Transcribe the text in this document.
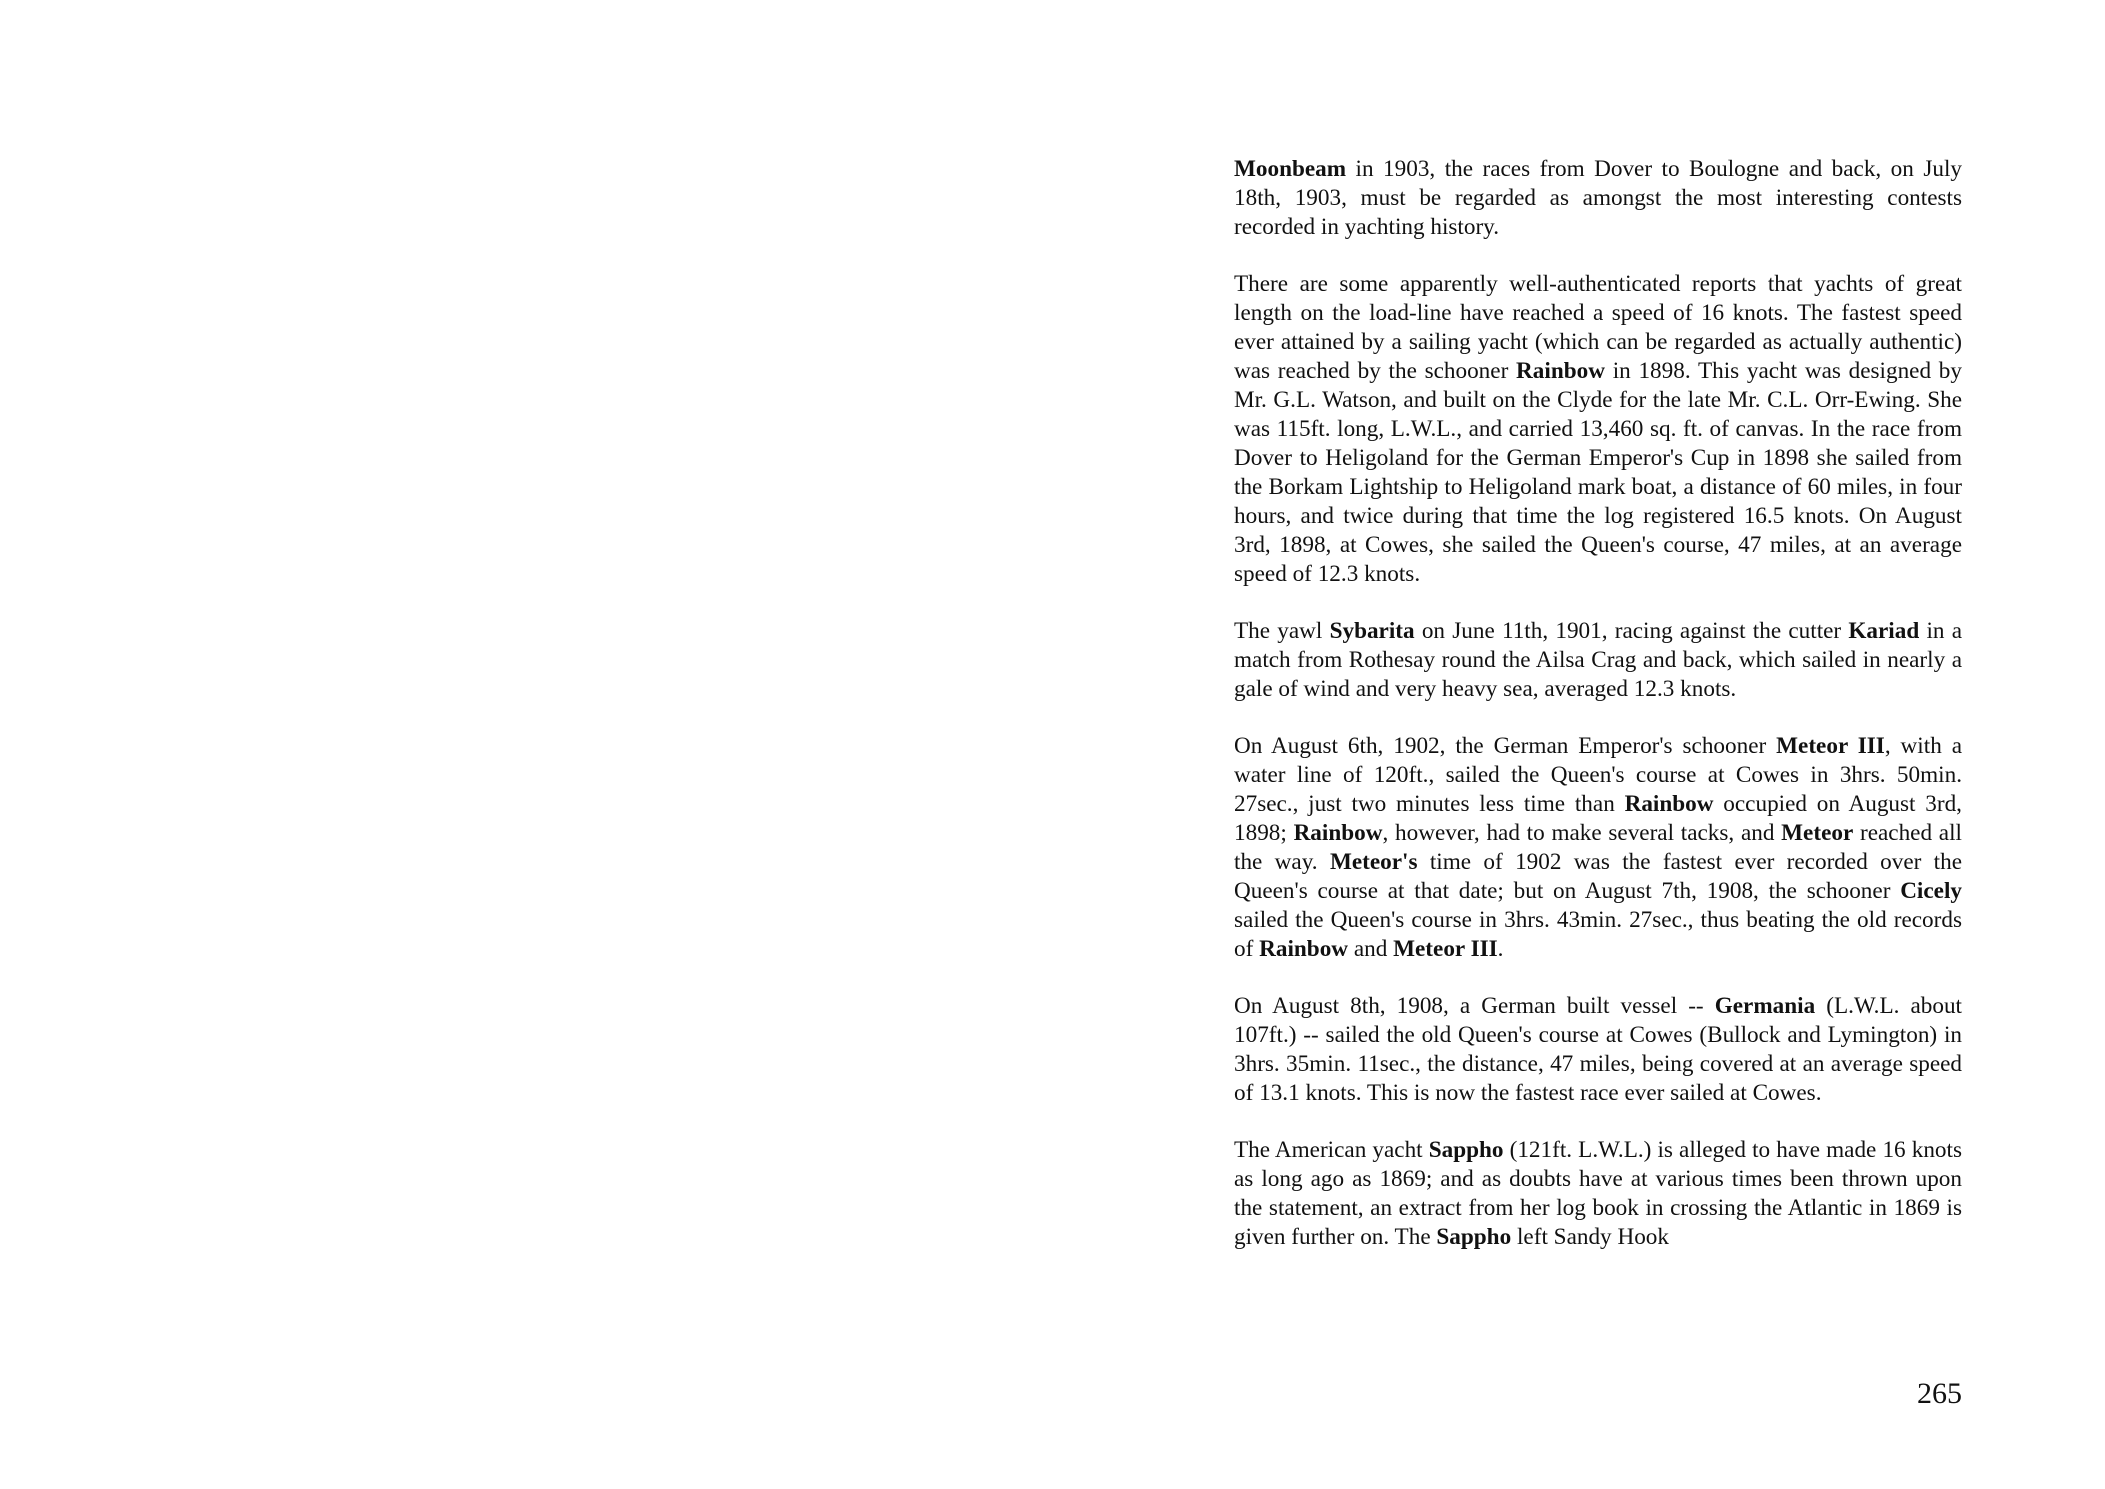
Moonbeam in 1903, the races from Dover to Boulogne and back, on July 18th, 1903, must be regarded as amongst the most interesting contests recorded in yachting history.

There are some apparently well-authenticated reports that yachts of great length on the load-line have reached a speed of 16 knots. The fastest speed ever attained by a sailing yacht (which can be regarded as actually authentic) was reached by the schooner Rainbow in 1898. This yacht was designed by Mr. G.L. Watson, and built on the Clyde for the late Mr. C.L. Orr-Ewing. She was 115ft. long, L.W.L., and carried 13,460 sq. ft. of canvas. In the race from Dover to Heligoland for the German Emperor's Cup in 1898 she sailed from the Borkam Lightship to Heligoland mark boat, a distance of 60 miles, in four hours, and twice during that time the log registered 16.5 knots. On August 3rd, 1898, at Cowes, she sailed the Queen's course, 47 miles, at an average speed of 12.3 knots.

The yawl Sybarita on June 11th, 1901, racing against the cutter Kariad in a match from Rothesay round the Ailsa Crag and back, which sailed in nearly a gale of wind and very heavy sea, averaged 12.3 knots.

On August 6th, 1902, the German Emperor's schooner Meteor III, with a water line of 120ft., sailed the Queen's course at Cowes in 3hrs. 50min. 27sec., just two minutes less time than Rainbow occupied on August 3rd, 1898; Rainbow, however, had to make several tacks, and Meteor reached all the way. Meteor's time of 1902 was the fastest ever recorded over the Queen's course at that date; but on August 7th, 1908, the schooner Cicely sailed the Queen's course in 3hrs. 43min. 27sec., thus beating the old records of Rainbow and Meteor III.

On August 8th, 1908, a German built vessel -- Germania (L.W.L. about 107ft.) -- sailed the old Queen's course at Cowes (Bullock and Lymington) in 3hrs. 35min. 11sec., the distance, 47 miles, being covered at an average speed of 13.1 knots. This is now the fastest race ever sailed at Cowes.

The American yacht Sappho (121ft. L.W.L.) is alleged to have made 16 knots as long ago as 1869; and as doubts have at various times been thrown upon the statement, an extract from her log book in crossing the Atlantic in 1869 is given further on. The Sappho left Sandy Hook

265
